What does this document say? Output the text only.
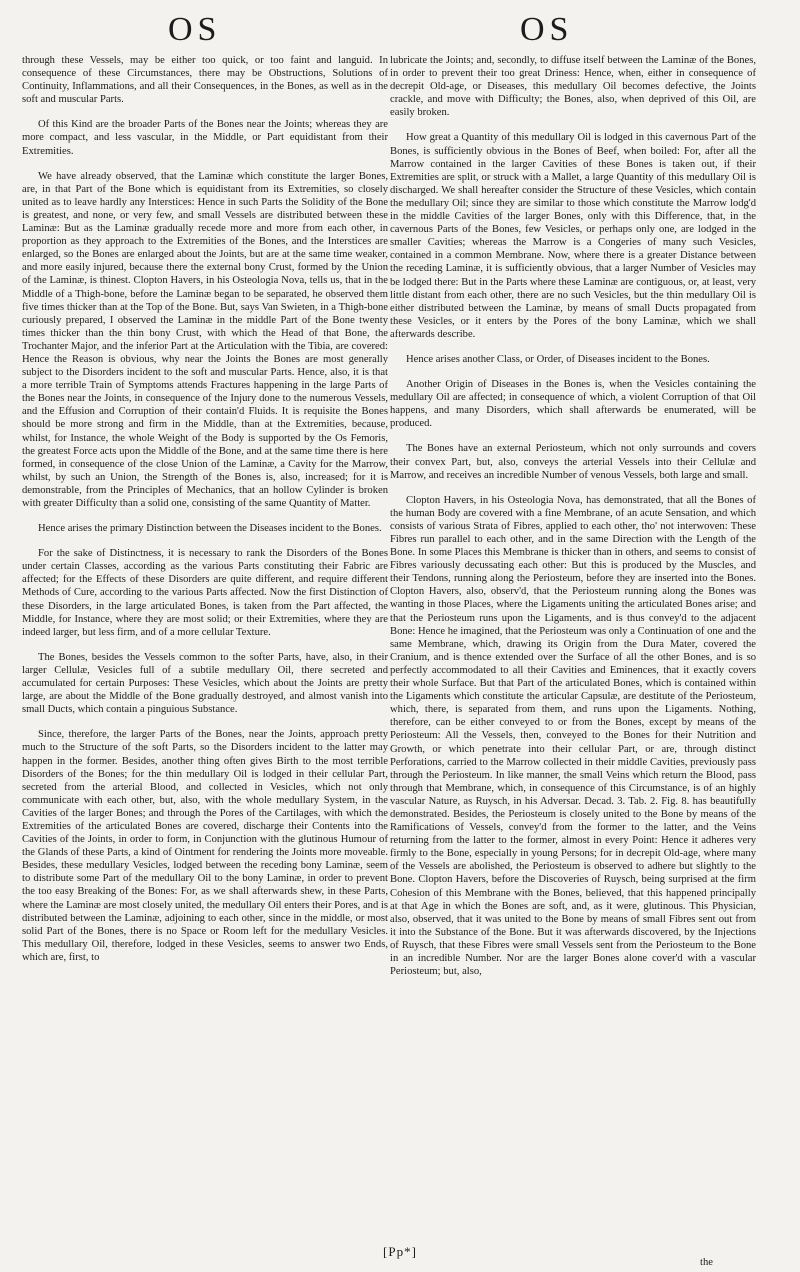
OS	OS

through these Vessels, may be either too quick, or too faint and languid. In consequence of these Circumstances, there may be Obstructions, Solutions of Continuity, Inflammations, and all their Consequences, in the Bones, as well as in the soft and muscular Parts.

Of this Kind are the broader Parts of the Bones near the Joints; whereas they are more compact, and less vascular, in the Middle, or Part equidistant from their Extremities.

We have already observed, that the Laminæ which constitute the larger Bones, are, in that Part of the Bone which is equidistant from its Extremities, so closely united as to leave hardly any Interstices: Hence in such Parts the Solidity of the Bone is greatest, and none, or very few, and small Vessels are distributed between these Laminæ: But as the Laminæ gradually recede more and more from each other, in proportion as they approach to the Extremities of the Bones, and the Interstices are enlarged, so the Bones are enlarged about the Joints, but are at the same time weaker, and more easily injured, because there the external bony Crust, formed by the Union of the Laminæ, is thinest. Clopton Havers, in his Osteologia Nova, tells us, that in the Middle of a Thigh-bone, before the Laminæ began to be separated, he observed them five times thicker than at the Top of the Bone. But, says Van Swieten, in a Thigh-bone curiously prepared, I observed the Laminæ in the middle Part of the Bone twenty times thicker than the thin bony Crust, with which the Head of that Bone, the Trochanter Major, and the inferior Part at the Articulation with the Tibia, are covered: Hence the Reason is obvious, why near the Joints the Bones are most generally subject to the Disorders incident to the soft and muscular Parts. Hence, also, it is that a more terrible Train of Symptoms attends Fractures happening in the large Parts of the Bones near the Joints, in consequence of the Injury done to the numerous Vessels, and the Effusion and Corruption of their contain'd Fluids. It is requisite the Bones should be more strong and firm in the Middle, than at the Extremities, because, whilst, for Instance, the whole Weight of the Body is supported by the Os Femoris, the greatest Force acts upon the Middle of the Bone, and at the same time there is here formed, in consequence of the close Union of the Laminæ, a Cavity for the Marrow, whilst, by such an Union, the Strength of the Bones is, also, increased; for it is demonstrable, from the Principles of Mechanics, that an hollow Cylinder is broken with greater Difficulty than a solid one, consisting of the same Quantity of Matter.

Hence arises the primary Distinction between the Diseases incident to the Bones.

For the sake of Distinctness, it is necessary to rank the Disorders of the Bones under certain Classes, according as the various Parts constituting their Fabric are affected; for the Effects of these Disorders are quite different, and require different Methods of Cure, according to the various Parts affected. Now the first Distinction of these Disorders, in the large articulated Bones, is taken from the Part affected, the Middle, for Instance, where they are most solid; or their Extremities, where they are indeed larger, but less firm, and of a more cellular Texture.

The Bones, besides the Vessels common to the softer Parts, have, also, in their larger Cellulæ, Vesicles full of a subtile medullary Oil, there secreted and accumulated for certain Purposes: These Vesicles, which about the Joints are pretty large, are about the Middle of the Bone gradually destroyed, and almost vanish into small Ducts, which contain a pinguious Substance.

Since, therefore, the larger Parts of the Bones, near the Joints, approach pretty much to the Structure of the soft Parts, so the Disorders incident to the latter may happen in the former. Besides, another thing often gives Birth to the most terrible Disorders of the Bones; for the thin medullary Oil is lodged in their cellular Part, secreted from the arterial Blood, and collected in Vesicles, which not only communicate with each other, but, also, with the whole medullary System, in the Cavities of the larger Bones; and through the Pores of the Cartilages, with which the Extremities of the articulated Bones are covered, discharge their Contents into the Cavities of the Joints, in order to form, in Conjunction with the glutinous Humour of the Glands of these Parts, a kind of Ointment for rendering the Joints more moveable. Besides, these medullary Vesicles, lodged between the receding bony Laminæ, seem to distribute some Part of the medullary Oil to the bony Laminæ, in order to prevent the too easy Breaking of the Bones: For, as we shall afterwards shew, in these Parts, where the Laminæ are most closely united, the medullary Oil enters their Pores, and is distributed between the Laminæ, adjoining to each other, since in the middle, or most solid Part of the Bones, there is no Space or Room left for the medullary Vesicles. This medullary Oil, therefore, lodged in these Vesicles, seems to answer two Ends, which are, first, to

lubricate the Joints; and, secondly, to diffuse itself between the Laminæ of the Bones, in order to prevent their too great Driness: Hence, when, either in consequence of decrepit Old-age, or Diseases, this medullary Oil becomes defective, the Joints crackle, and move with Difficulty; the Bones, also, when deprived of this Oil, are easily broken.

How great a Quantity of this medullary Oil is lodged in this cavernous Part of the Bones, is sufficiently obvious in the Bones of Beef, when boiled: For, after all the Marrow contained in the larger Cavities of these Bones is taken out, if their Extremities are split, or struck with a Mallet, a large Quantity of this medullary Oil is discharged. We shall hereafter consider the Structure of these Vesicles, which contain the medullary Oil; since they are similar to those which constitute the Marrow lodg'd in the middle Cavities of the larger Bones, only with this Difference, that, in the cavernous Parts of the Bones, few Vesicles, or perhaps only one, are lodged in the smaller Cavities; whereas the Marrow is a Congeries of many such Vesicles, contained in a common Membrane. Now, where there is a greater Distance between the receding Laminæ, it is sufficiently obvious, that a larger Number of Vesicles may be lodged there: But in the Parts where these Laminæ are contiguous, or, at least, very little distant from each other, there are no such Vesicles, but the thin medullary Oil is either distributed between the Laminæ, by means of small Ducts propagated from these Vesicles, or it enters by the Pores of the bony Laminæ, which we shall afterwards describe.

Hence arises another Class, or Order, of Diseases incident to the Bones.

Another Origin of Diseases in the Bones is, when the Vesicles containing the medullary Oil are affected; in consequence of which, a violent Corruption of that Oil happens, and many Disorders, which shall afterwards be enumerated, will be produced.

The Bones have an external Periosteum, which not only surrounds and covers their convex Part, but, also, conveys the arterial Vessels into their Cellulæ and Marrow, and receives an incredible Number of venous Vessels, both large and small.

Clopton Havers, in his Osteologia Nova, has demonstrated, that all the Bones of the human Body are covered with a fine Membrane, of an acute Sensation, and which consists of various Strata of Fibres, applied to each other, tho' not interwoven: These Fibres run parallel to each other, and in the same Direction with the Length of the Bone. In some Places this Membrane is thicker than in others, and seems to consist of Fibres variously decussating each other: But this is produced by the Muscles, and their Tendons, running along the Periosteum, before they are inserted into the Bones. Clopton Havers, also, observ'd, that the Periosteum running along the Bones was wanting in those Places, where the Ligaments uniting the articulated Bones arise; and that the Periosteum runs upon the Ligaments, and is thus convey'd to the adjacent Bone: Hence he imagined, that the Periosteum was only a Continuation of one and the same Membrane, which, drawing its Origin from the Dura Mater, covered the Cranium, and is thence extended over the Surface of all the other Bones, and is so perfectly accommodated to all their Cavities and Eminences, that it exactly covers their whole Surface. But that Part of the articulated Bones, which is contained within the Ligaments which constitute the articular Capsulæ, are destitute of the Periosteum, which, there, is separated from them, and runs upon the Ligaments. Nothing, therefore, can be either conveyed to or from the Bones, except by means of the Periosteum: All the Vessels, then, conveyed to the Bones for their Nutrition and Growth, or which penetrate into their cellular Part, or are, through distinct Perforations, carried to the Marrow collected in their middle Cavities, previously pass through the Periosteum. In like manner, the small Veins which return the Blood, pass through that Membrane, which, in consequence of this Circumstance, is of an highly vascular Nature, as Ruysch, in his Adversar. Decad. 3. Tab. 2. Fig. 8. has beautifully demonstrated. Besides, the Periosteum is closely united to the Bone by means of the Ramifications of Vessels, convey'd from the former to the latter, and the Veins returning from the latter to the former, almost in every Point: Hence it adheres very firmly to the Bone, especially in young Persons; for in decrepit Old-age, where many of the Vessels are abolished, the Periosteum is observed to adhere but slightly to the Bone. Clopton Havers, before the Discoveries of Ruysch, being surprised at the firm Cohesion of this Membrane with the Bones, believed, that this happened principally at that Age in which the Bones are soft, and, as it were, glutinous. This Physician, also, observed, that it was united to the Bone by means of small Fibres sent out from it into the Substance of the Bone. But it was afterwards discovered, by the Injections of Ruysch, that these Fibres were small Vessels sent from the Periosteum to the Bone in an incredible Number. Nor are the larger Bones alone cover'd with a vascular Periosteum; but, also,

[Pp*]
the
